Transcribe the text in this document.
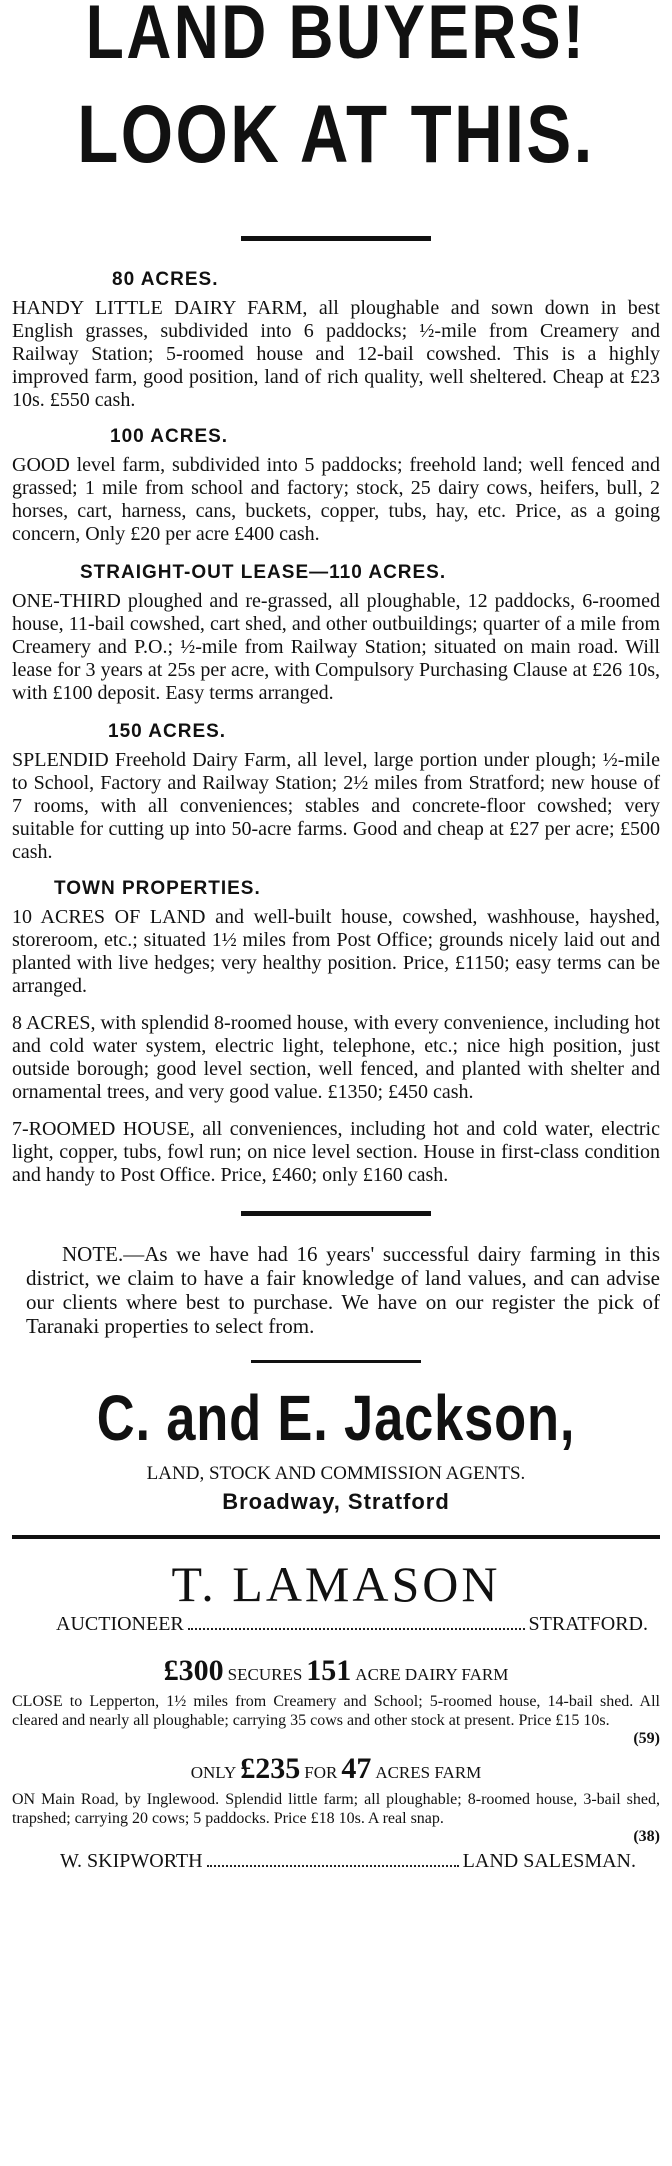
LAND BUYERS!
LOOK AT THIS.
80 ACRES.

HANDY LITTLE DAIRY FARM, all ploughable and sown down in best English grasses, subdivided into 6 paddocks; ½-mile from Creamery and Railway Station; 5-roomed house and 12-bail cowshed. This is a highly improved farm, good position, land of rich quality, well sheltered. Cheap at £23 10s. £550 cash.

100 ACRES.

GOOD level farm, subdivided into 5 paddocks; freehold land; well fenced and grassed; 1 mile from school and factory; stock, 25 dairy cows, heifers, bull, 2 horses, cart, harness, cans, buckets, copper, tubs, hay, etc. Price, as a going concern, Only £20 per acre £400 cash.

STRAIGHT-OUT LEASE—110 ACRES.

ONE-THIRD ploughed and re-grassed, all ploughable, 12 paddocks, 6-roomed house, 11-bail cowshed, cart shed, and other outbuildings; quarter of a mile from Creamery and P.O.; ½-mile from Railway Station; situated on main road. Will lease for 3 years at 25s per acre, with Compulsory Purchasing Clause at £26 10s, with £100 deposit. Easy terms arranged.

150 ACRES.

SPLENDID Freehold Dairy Farm, all level, large portion under plough; ½-mile to School, Factory and Railway Station; 2½ miles from Stratford; new house of 7 rooms, with all conveniences; stables and concrete-floor cowshed; very suitable for cutting up into 50-acre farms. Good and cheap at £27 per acre; £500 cash.

TOWN PROPERTIES.

10 ACRES OF LAND and well-built house, cowshed, washhouse, hayshed, storeroom, etc.; situated 1½ miles from Post Office; grounds nicely laid out and planted with live hedges; very healthy position. Price, £1150; easy terms can be arranged.

8 ACRES, with splendid 8-roomed house, with every convenience, including hot and cold water system, electric light, telephone, etc.; nice high position, just outside borough; good level section, well fenced, and planted with shelter and ornamental trees, and very good value. £1350; £450 cash.

7-ROOMED HOUSE, all conveniences, including hot and cold water, electric light, copper, tubs, fowl run; on nice level section. House in first-class condition and handy to Post Office. Price, £460; only £160 cash.

NOTE.—As we have had 16 years' successful dairy farming in this district, we claim to have a fair knowledge of land values, and can advise our clients where best to purchase. We have on our register the pick of Taranaki properties to select from.

C. and E. Jackson,
LAND, STOCK AND COMMISSION AGENTS.
Broadway, Stratford
T. LAMASON
AUCTIONEER	STRATFORD.
£300 SECURES 151 ACRE DAIRY FARM

CLOSE to Lepperton, 1½ miles from Creamery and School; 5-roomed house, 14-bail shed. All cleared and nearly all ploughable; carrying 35 cows and other stock at present. Price £15 10s.

(59)
ONLY £235 FOR 47 ACRES FARM

ON Main Road, by Inglewood. Splendid little farm; all ploughable; 8-roomed house, 3-bail shed, trapshed; carrying 20 cows; 5 paddocks. Price £18 10s. A real snap.

(38)
W. SKIPWORTH	LAND SALESMAN.
